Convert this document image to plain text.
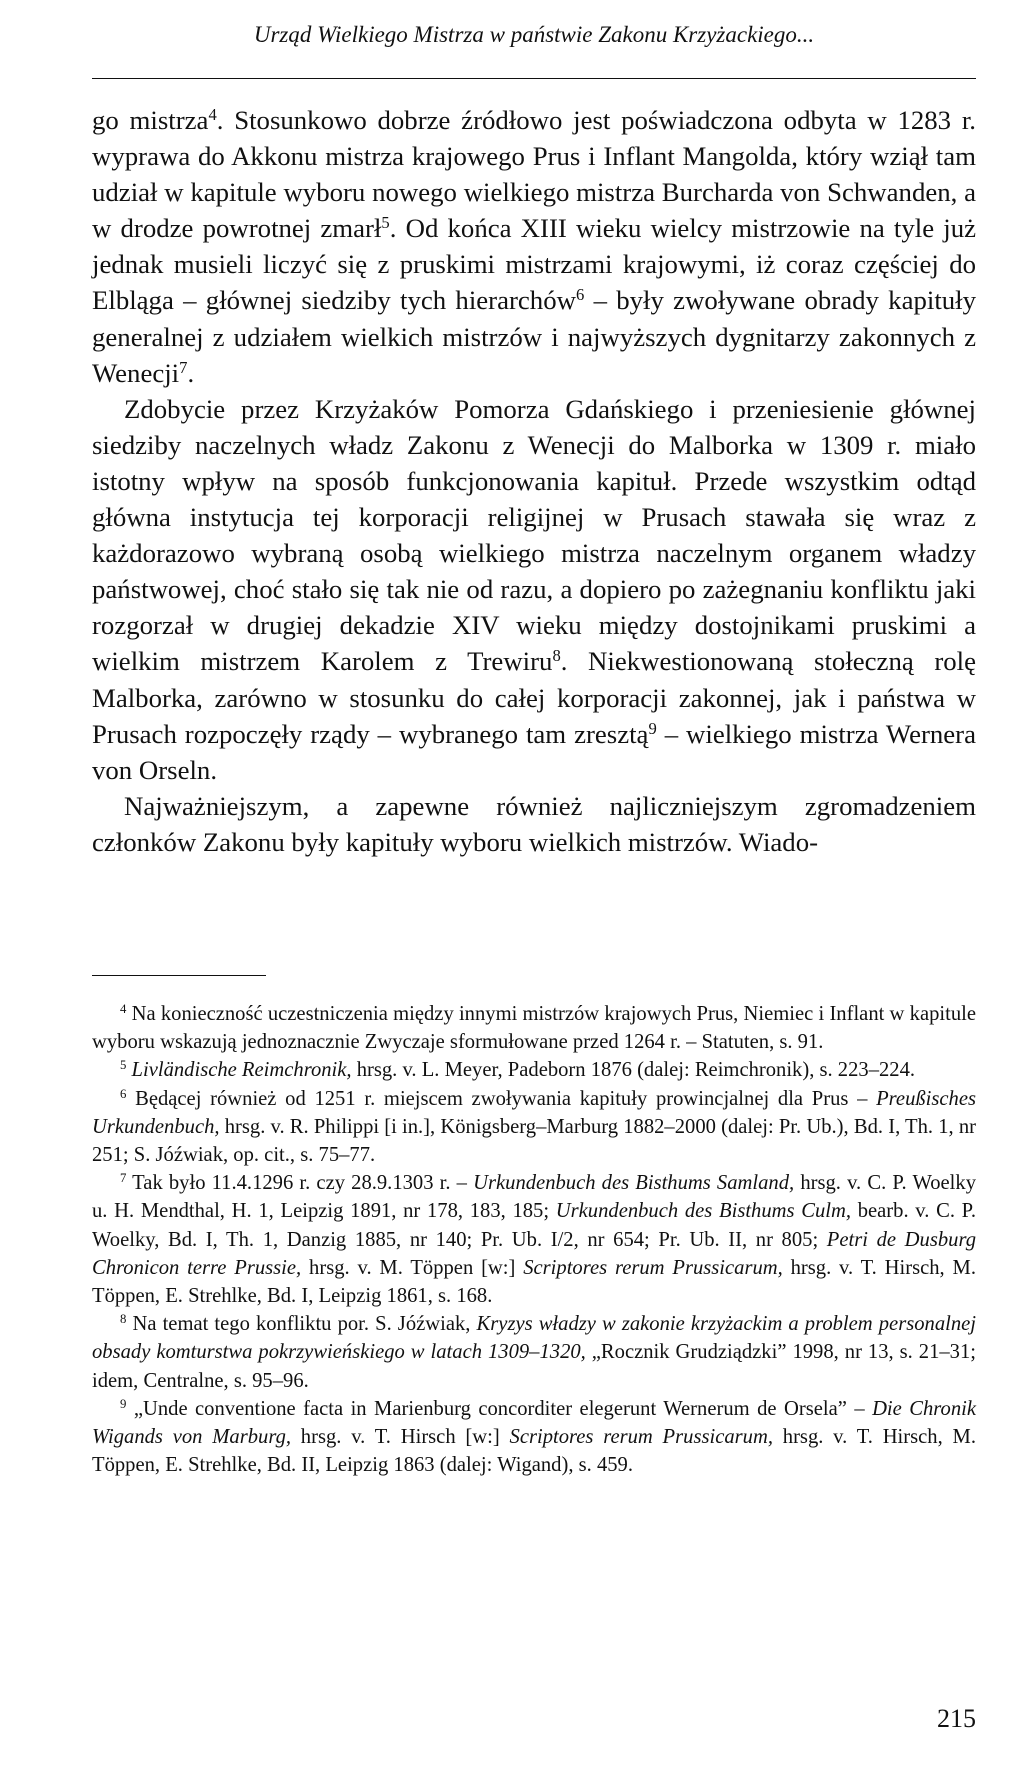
Urząd Wielkiego Mistrza w państwie Zakonu Krzyżackiego...

go mistrza$^4$. Stosunkowo dobrze źródłowo jest poświadczona odbyta w 1283 r. wyprawa do Akkonu mistrza krajowego Prus i Inflant Mangolda, który wziął tam udział w kapitule wyboru nowego wielkiego mistrza Burcharda von Schwanden, a w drodze powrotnej zmarł$^5$. Od końca XIII wieku wielcy mistrzowie na tyle już jednak musieli liczyć się z pruskimi mistrzami krajowymi, iż coraz częściej do Elbląga – głównej siedziby tych hierarchów$^6$ – były zwoływane obrady kapituły generalnej z udziałem wielkich mistrzów i najwyższych dygnitarzy zakonnych z Wenecji$^7$.

Zdobycie przez Krzyżaków Pomorza Gdańskiego i przeniesienie głównej siedziby naczelnych władz Zakonu z Wenecji do Malborka w 1309 r. miało istotny wpływ na sposób funkcjonowania kapituł. Przede wszystkim odtąd główna instytucja tej korporacji religijnej w Prusach stawała się wraz z każdorazowo wybraną osobą wielkiego mistrza naczelnym organem władzy państwowej, choć stało się tak nie od razu, a dopiero po zażegnaniu konfliktu jaki rozgorzał w drugiej dekadzie XIV wieku między dostojnikami pruskimi a wielkim mistrzem Karolem z Trewiru$^8$. Niekwestionowaną stołeczną rolę Malborka, zarówno w stosunku do całej korporacji zakonnej, jak i państwa w Prusach rozpoczęły rządy – wybranego tam zresztą$^9$ – wielkiego mistrza Wernera von Orseln.

Najważniejszym, a zapewne również najliczniejszym zgromadzeniem członków Zakonu były kapituły wyboru wielkich mistrzów. Wiado-

$^4$ Na konieczność uczestniczenia między innymi mistrzów krajowych Prus, Niemiec i Inflant w kapitule wyboru wskazują jednoznacznie Zwyczaje sformułowane przed 1264 r. – Statuten, s. 91.

$^5$ Livländische Reimchronik, hrsg. v. L. Meyer, Padeborn 1876 (dalej: Reimchronik), s. 223–224.

$^6$ Będącej również od 1251 r. miejscem zwoływania kapituły prowincjalnej dla Prus – Preußisches Urkundenbuch, hrsg. v. R. Philippi [i in.], Königsberg–Marburg 1882–2000 (dalej: Pr. Ub.), Bd. I, Th. 1, nr 251; S. Jóźwiak, op. cit., s. 75–77.

$^7$ Tak było 11.4.1296 r. czy 28.9.1303 r. – Urkundenbuch des Bisthums Samland, hrsg. v. C. P. Woelky u. H. Mendthal, H. 1, Leipzig 1891, nr 178, 183, 185; Urkundenbuch des Bisthums Culm, bearb. v. C. P. Woelky, Bd. I, Th. 1, Danzig 1885, nr 140; Pr. Ub. I/2, nr 654; Pr. Ub. II, nr 805; Petri de Dusburg Chronicon terre Prussie, hrsg. v. M. Töppen [w:] Scriptores rerum Prussicarum, hrsg. v. T. Hirsch, M. Töppen, E. Strehlke, Bd. I, Leipzig 1861, s. 168.

$^8$ Na temat tego konfliktu por. S. Jóźwiak, Kryzys władzy w zakonie krzyżackim a problem personalnej obsady komturstwa pokrzywieńskiego w latach 1309–1320, „Rocznik Grudziądzki” 1998, nr 13, s. 21–31; idem, Centralne, s. 95–96.

$^9$ „Unde conventione facta in Marienburg concorditer elegerunt Wernerum de Orsela” – Die Chronik Wigands von Marburg, hrsg. v. T. Hirsch [w:] Scriptores rerum Prussicarum, hrsg. v. T. Hirsch, M. Töppen, E. Strehlke, Bd. II, Leipzig 1863 (dalej: Wigand), s. 459.

215
